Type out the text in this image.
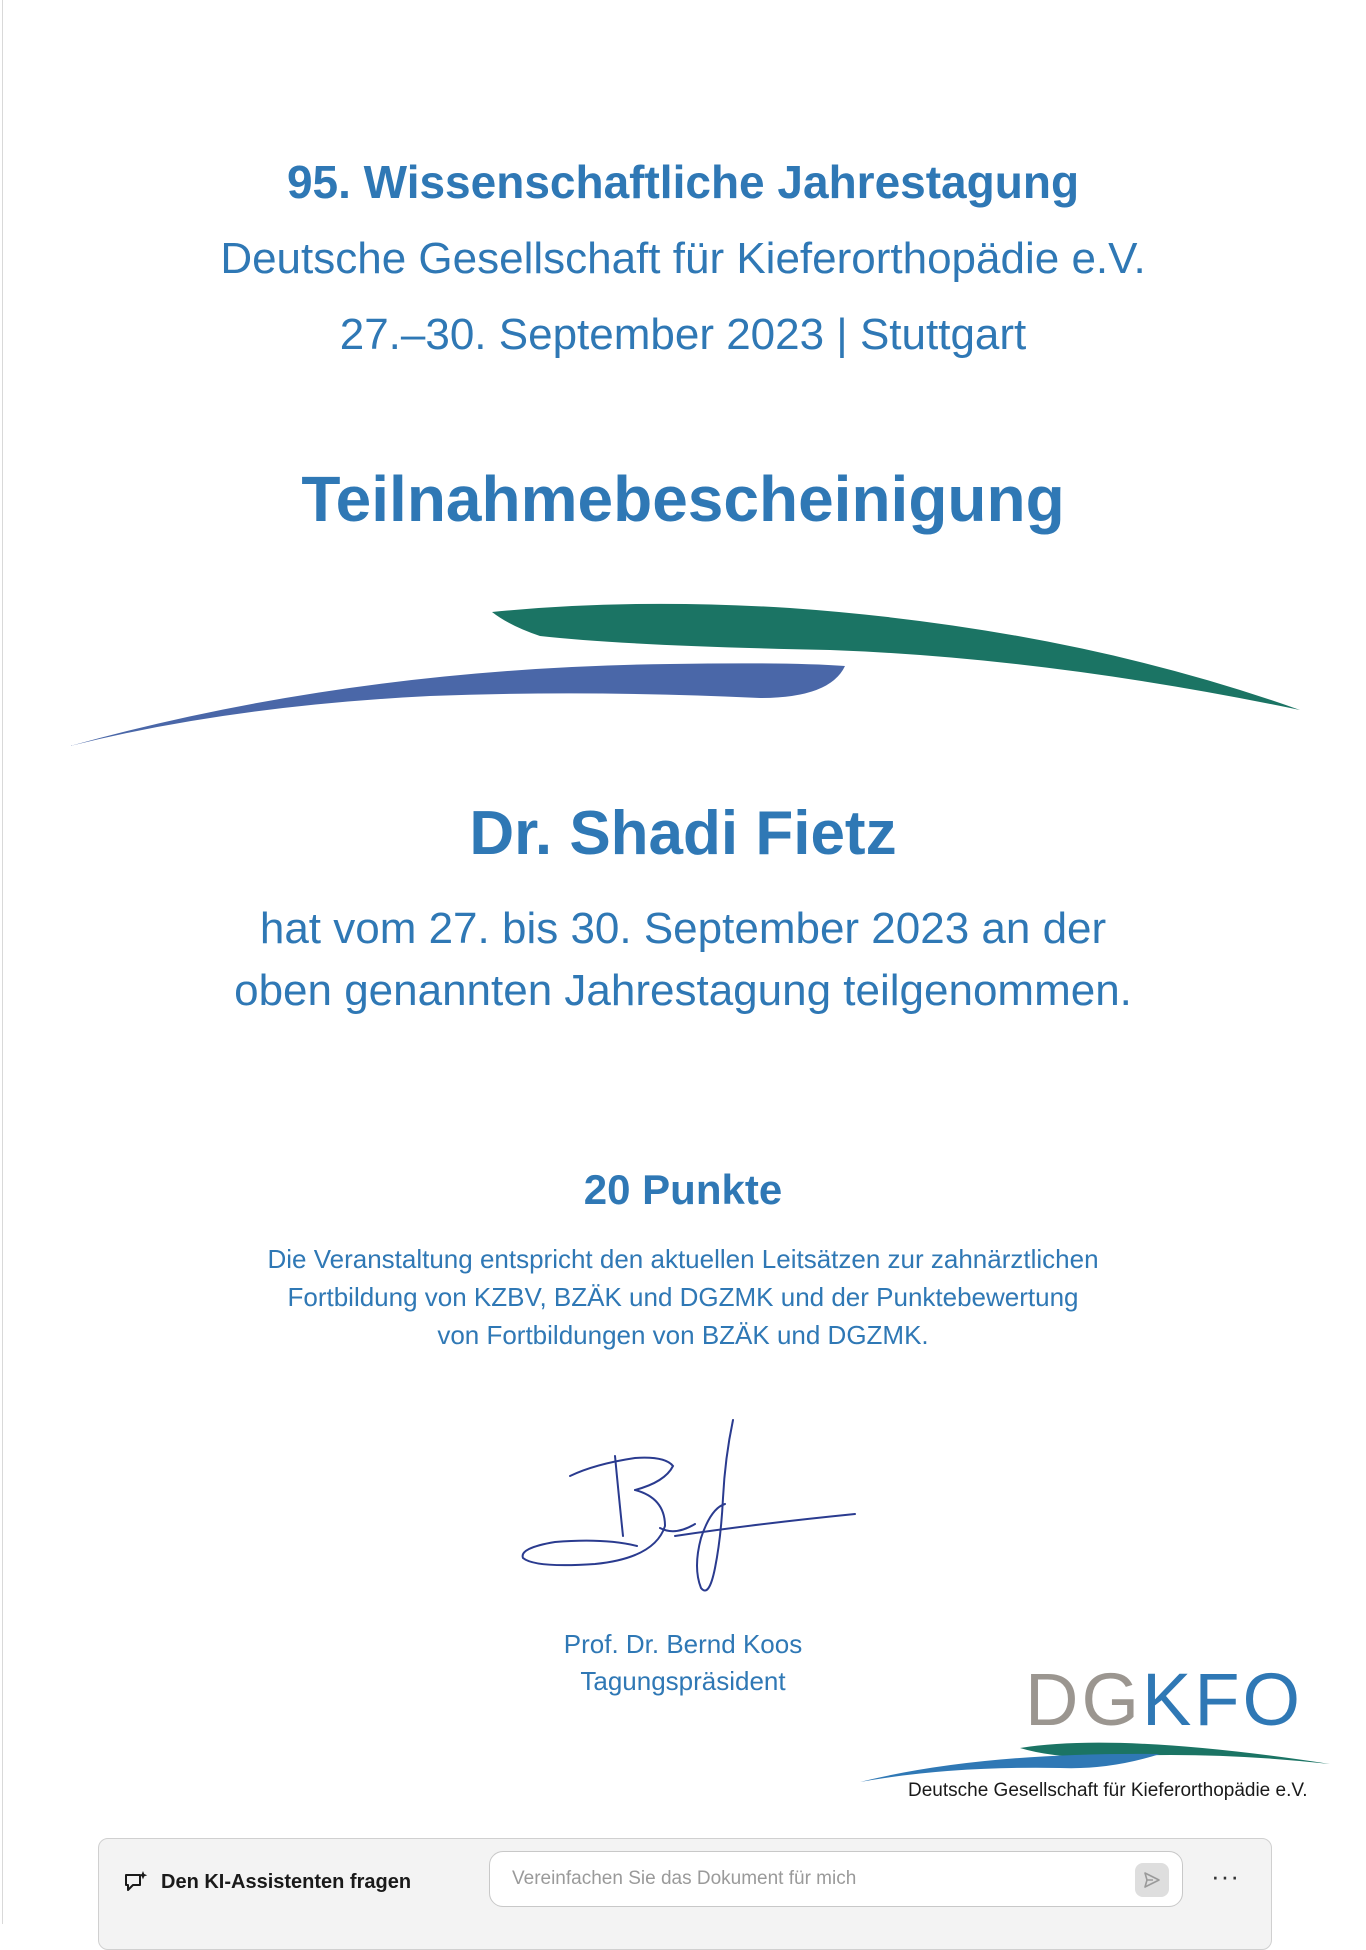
95. Wissenschaftliche Jahrestagung
Deutsche Gesellschaft für Kieferorthopädie e.V.
27.–30. September 2023 | Stuttgart
Teilnahmebescheinigung
Dr. Shadi Fietz
hat vom 27. bis 30. September 2023 an der
oben genannten Jahrestagung teilgenommen.
20 Punkte
Die Veranstaltung entspricht den aktuellen Leitsätzen zur zahnärztlichen
Fortbildung von KZBV, BZÄK und DGZMK und der Punktebewertung
von Fortbildungen von BZÄK und DGZMK.
Prof. Dr. Bernd Koos
Tagungspräsident	DGKFO
Deutsche Gesellschaft für Kieferorthopädie e.V.
Den KI-Assistenten fragen
Vereinfachen Sie das Dokument für mich	···
